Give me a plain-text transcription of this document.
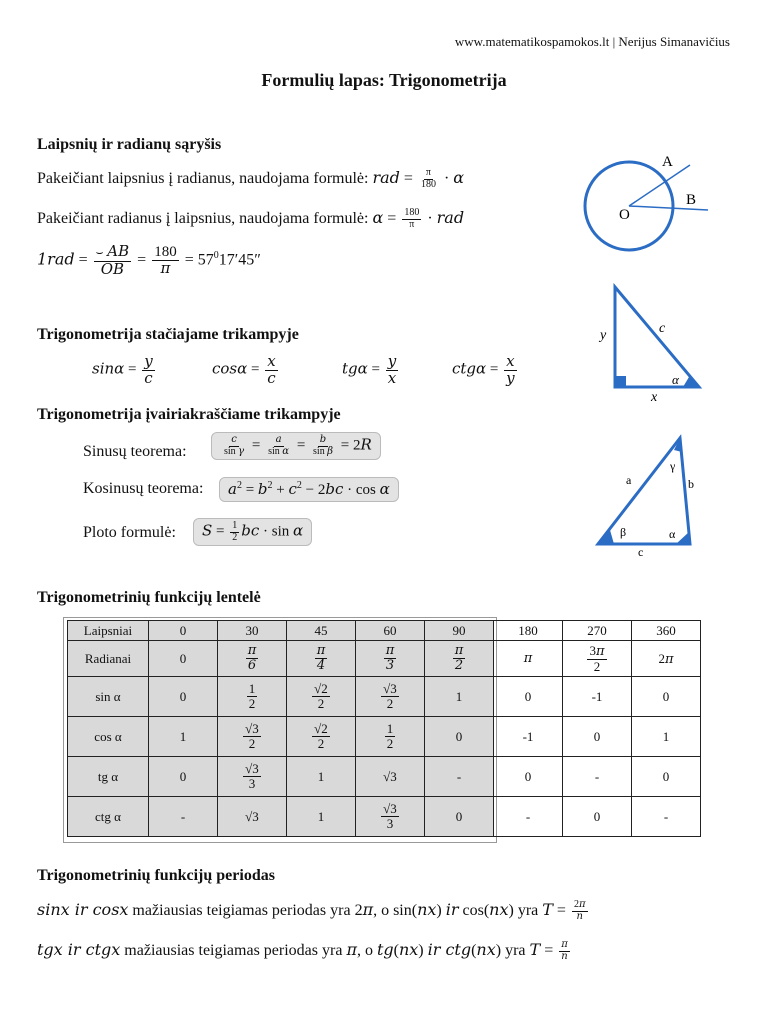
www.matematikospamokos.lt | Nerijus Simanavičius
Formulių lapas: Trigonometrija
Laipsnių ir radianų sąryšis
Pakeičiant laipsnius į radianus, naudojama formulė: rad = $\frac{\pi}{180} \cdot \alpha$
Pakeičiant radianus į laipsnius, naudojama formulė: $\alpha = \frac{180}{\pi}$ · rad
$1rad = \frac{⌣ AB}{OB} = \frac{180}{\pi} = 57^017'45''$
A
B
O
Trigonometrija stačiajame trikampyje
$\sin\alpha = \frac{y}{c}$	$\cos\alpha = \frac{x}{c}$	$tg\alpha = \frac{y}{x}$	$ctg\alpha = \frac{x}{y}$
y	c
x
α
Trigonometrija įvairiakraščiame trikampyje
Sinusų teorema:	$\frac{c}{\text{sin γ}} = \frac{a}{\text{sin α}} = \frac{b}{\text{sin β}} = 2R$
Kosinusų teorema:	$a^2 = b^2 + c^2 - 2bc \cdot \cos \alpha$
Ploto formulė:	$S = \frac{1}{2}$ bc · sin α
a	b
c
α
β
γ
Trigonometrinių funkcijų lentelė
Laipsniai	0	30	45	60	90	180	270	360
Radianai	0	$\frac{\pi}{6}$	$\frac{\pi}{4}$	$\frac{\pi}{3}$	$\frac{\pi}{2}$	π	$\frac{3\pi}{2}$	2π
sin α	0	$\frac{1}{2}$	$\frac{√2}{2}$	$\frac{√3}{2}$	1	0	-1	0
cos α	1	$\frac{√3}{2}$	$\frac{√2}{2}$	$\frac{1}{2}$	0	-1	0	1
tg α	0	$\frac{√3}{3}$	1	√3	-	0	-	0
ctg α	-	√3	1	$\frac{√3}{3}$	0	-	0	-
Trigonometrinių funkcijų periodas
sinx ir cosx mažiausias teigiamas periodas yra 2π, o sin(nx) ir cos(nx) yra $T = \frac{2\pi}{n}$
tgx ir ctgx mažiausias teigiamas periodas yra π, o tg(nx) ir ctg(nx) yra $T = \frac{\pi}{n}$
